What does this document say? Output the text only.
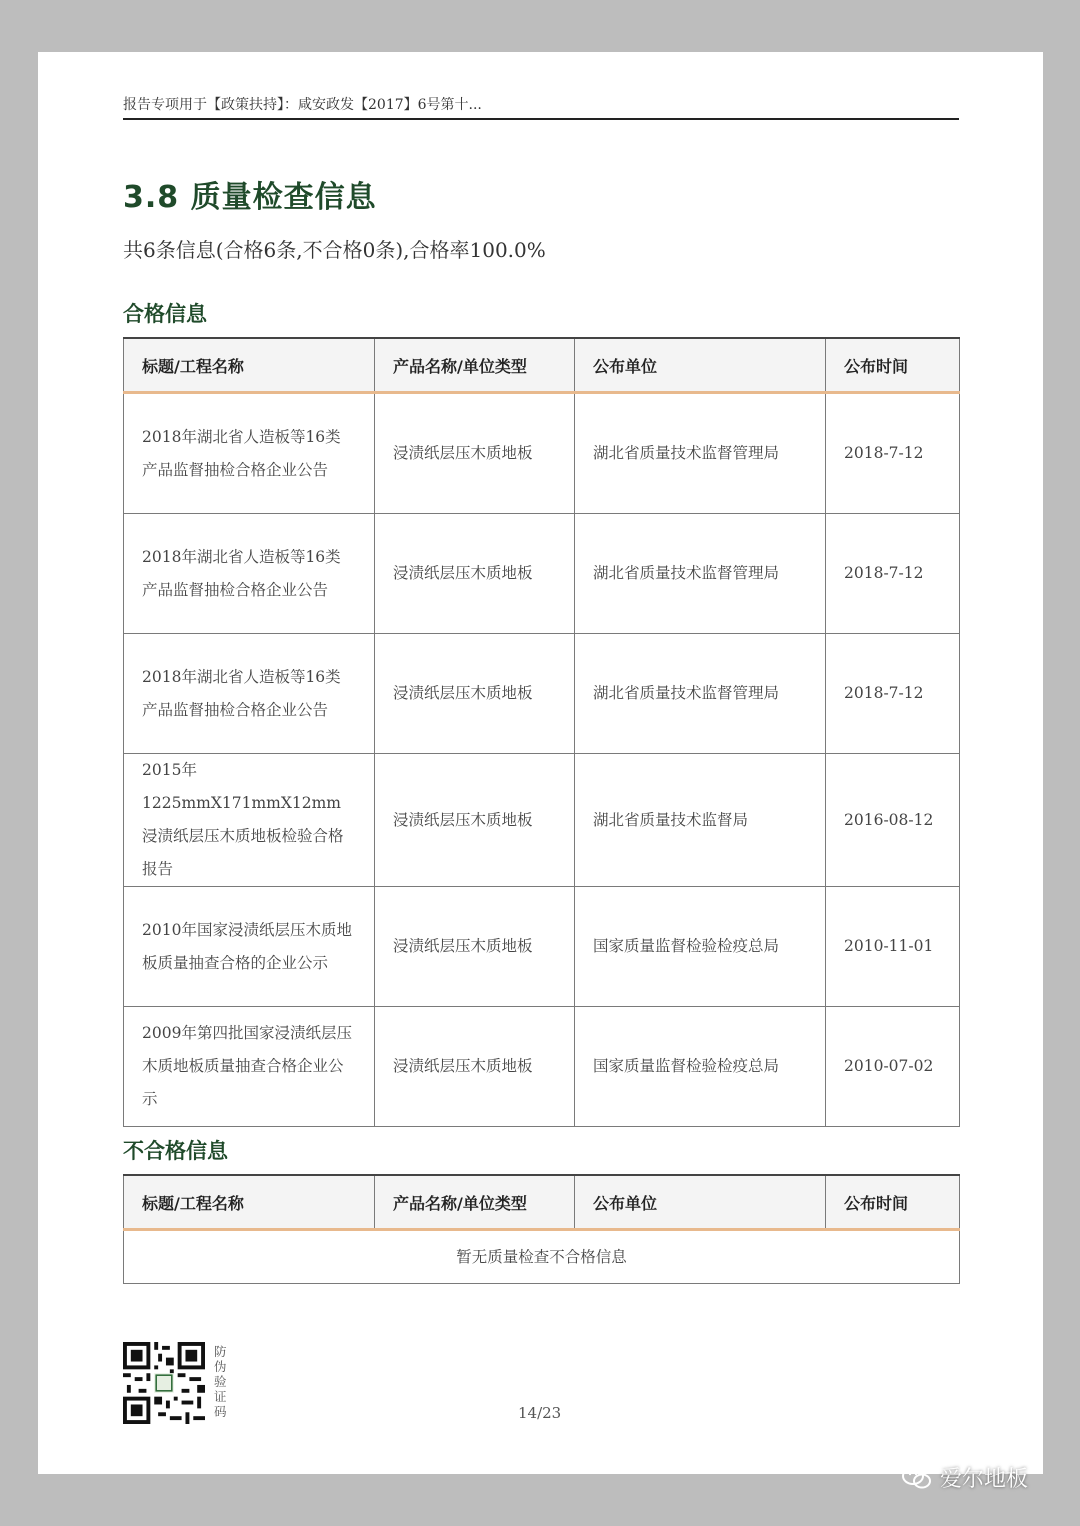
报告专项用于【政策扶持】：咸安政发【2017】6号第十...
3.8 质量检查信息
共6条信息(合格6条,不合格0条),合格率100.0%
合格信息
标题/工程名称	产品名称/单位类型	公布单位	公布时间
2018年湖北省人造板等16类产品监督抽检合格企业公告	浸渍纸层压木质地板	湖北省质量技术监督管理局	2018-7-12
2018年湖北省人造板等16类产品监督抽检合格企业公告	浸渍纸层压木质地板	湖北省质量技术监督管理局	2018-7-12
2018年湖北省人造板等16类产品监督抽检合格企业公告	浸渍纸层压木质地板	湖北省质量技术监督管理局	2018-7-12
2015年1225mmX171mmX12mm浸渍纸层压木质地板检验合格报告	浸渍纸层压木质地板	湖北省质量技术监督局	2016-08-12
2010年国家浸渍纸层压木质地板质量抽查合格的企业公示	浸渍纸层压木质地板	国家质量监督检验检疫总局	2010-11-01
2009年第四批国家浸渍纸层压木质地板质量抽查合格企业公示	浸渍纸层压木质地板	国家质量监督检验检疫总局	2010-07-02
不合格信息
标题/工程名称	产品名称/单位类型	公布单位	公布时间
暂无质量检查不合格信息
防伪验证码	14/23
爱尔地板
